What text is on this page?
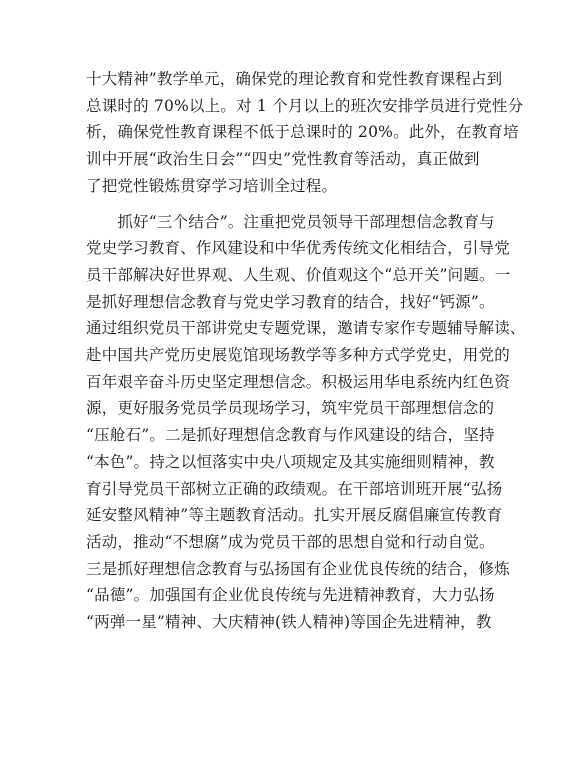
十大精神”教学单元，确保党的理论教育和党性教育课程占到
总课时的 70%以上。对 1 个月以上的班次安排学员进行党性分
析，确保党性教育课程不低于总课时的 20%。此外，在教育培
训中开展“政治生日会”“四史”党性教育等活动，真正做到
了把党性锻炼贯穿学习培训全过程。

　　抓好“三个结合”。注重把党员领导干部理想信念教育与
党史学习教育、作风建设和中华优秀传统文化相结合，引导党
员干部解决好世界观、人生观、价值观这个“总开关”问题。一
是抓好理想信念教育与党史学习教育的结合，找好“钙源”。
通过组织党员干部讲党史专题党课，邀请专家作专题辅导解读、
赴中国共产党历史展览馆现场教学等多种方式学党史，用党的
百年艰辛奋斗历史坚定理想信念。积极运用华电系统内红色资
源，更好服务党员学员现场学习，筑牢党员干部理想信念的
“压舱石”。二是抓好理想信念教育与作风建设的结合，坚持
“本色”。持之以恒落实中央八项规定及其实施细则精神，教
育引导党员干部树立正确的政绩观。在干部培训班开展“弘扬
延安整风精神”等主题教育活动。扎实开展反腐倡廉宣传教育
活动，推动“不想腐”成为党员干部的思想自觉和行动自觉。
三是抓好理想信念教育与弘扬国有企业优良传统的结合，修炼
“品德”。加强国有企业优良传统与先进精神教育，大力弘扬
“两弹一星”精神、大庆精神(铁人精神)等国企先进精神，教
